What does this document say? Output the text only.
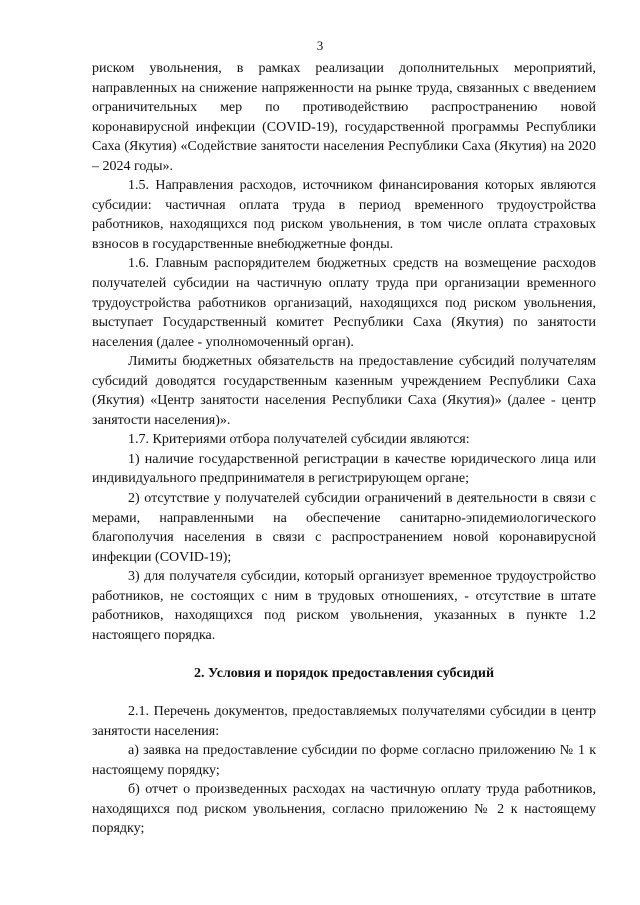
3

риском увольнения, в рамках реализации дополнительных мероприятий, направленных на снижение напряженности на рынке труда, связанных с введением ограничительных мер по противодействию распространению новой коронавирусной инфекции (COVID-19), государственной программы Республики Саха (Якутия) «Содействие занятости населения Республики Саха (Якутия) на 2020 – 2024 годы».

1.5. Направления расходов, источником финансирования которых являются субсидии: частичная оплата труда в период временного трудоустройства работников, находящихся под риском увольнения, в том числе оплата страховых взносов в государственные внебюджетные фонды.

1.6. Главным распорядителем бюджетных средств на возмещение расходов получателей субсидии на частичную оплату труда при организации временного трудоустройства работников организаций, находящихся под риском увольнения, выступает Государственный комитет Республики Саха (Якутия) по занятости населения (далее - уполномоченный орган).

Лимиты бюджетных обязательств на предоставление субсидий получателям субсидий доводятся государственным казенным учреждением Республики Саха (Якутия) «Центр занятости населения Республики Саха (Якутия)» (далее - центр занятости населения)».

1.7. Критериями отбора получателей субсидии являются:

1) наличие государственной регистрации в качестве юридического лица или индивидуального предпринимателя в регистрирующем органе;

2) отсутствие у получателей субсидии ограничений в деятельности в связи с мерами, направленными на обеспечение санитарно-эпидемиологического благополучия населения в связи с распространением новой коронавирусной инфекции (COVID-19);

3) для получателя субсидии, который организует временное трудоустройство работников, не состоящих с ним в трудовых отношениях, - отсутствие в штате работников, находящихся под риском увольнения, указанных в пункте 1.2 настоящего порядка.

2. Условия и порядок предоставления субсидий

2.1. Перечень документов, предоставляемых получателями субсидии в центр занятости населения:

а) заявка на предоставление субсидии по форме согласно приложению № 1 к настоящему порядку;

б) отчет о произведенных расходах на частичную оплату труда работников, находящихся под риском увольнения, согласно приложению № 2 к настоящему порядку;
